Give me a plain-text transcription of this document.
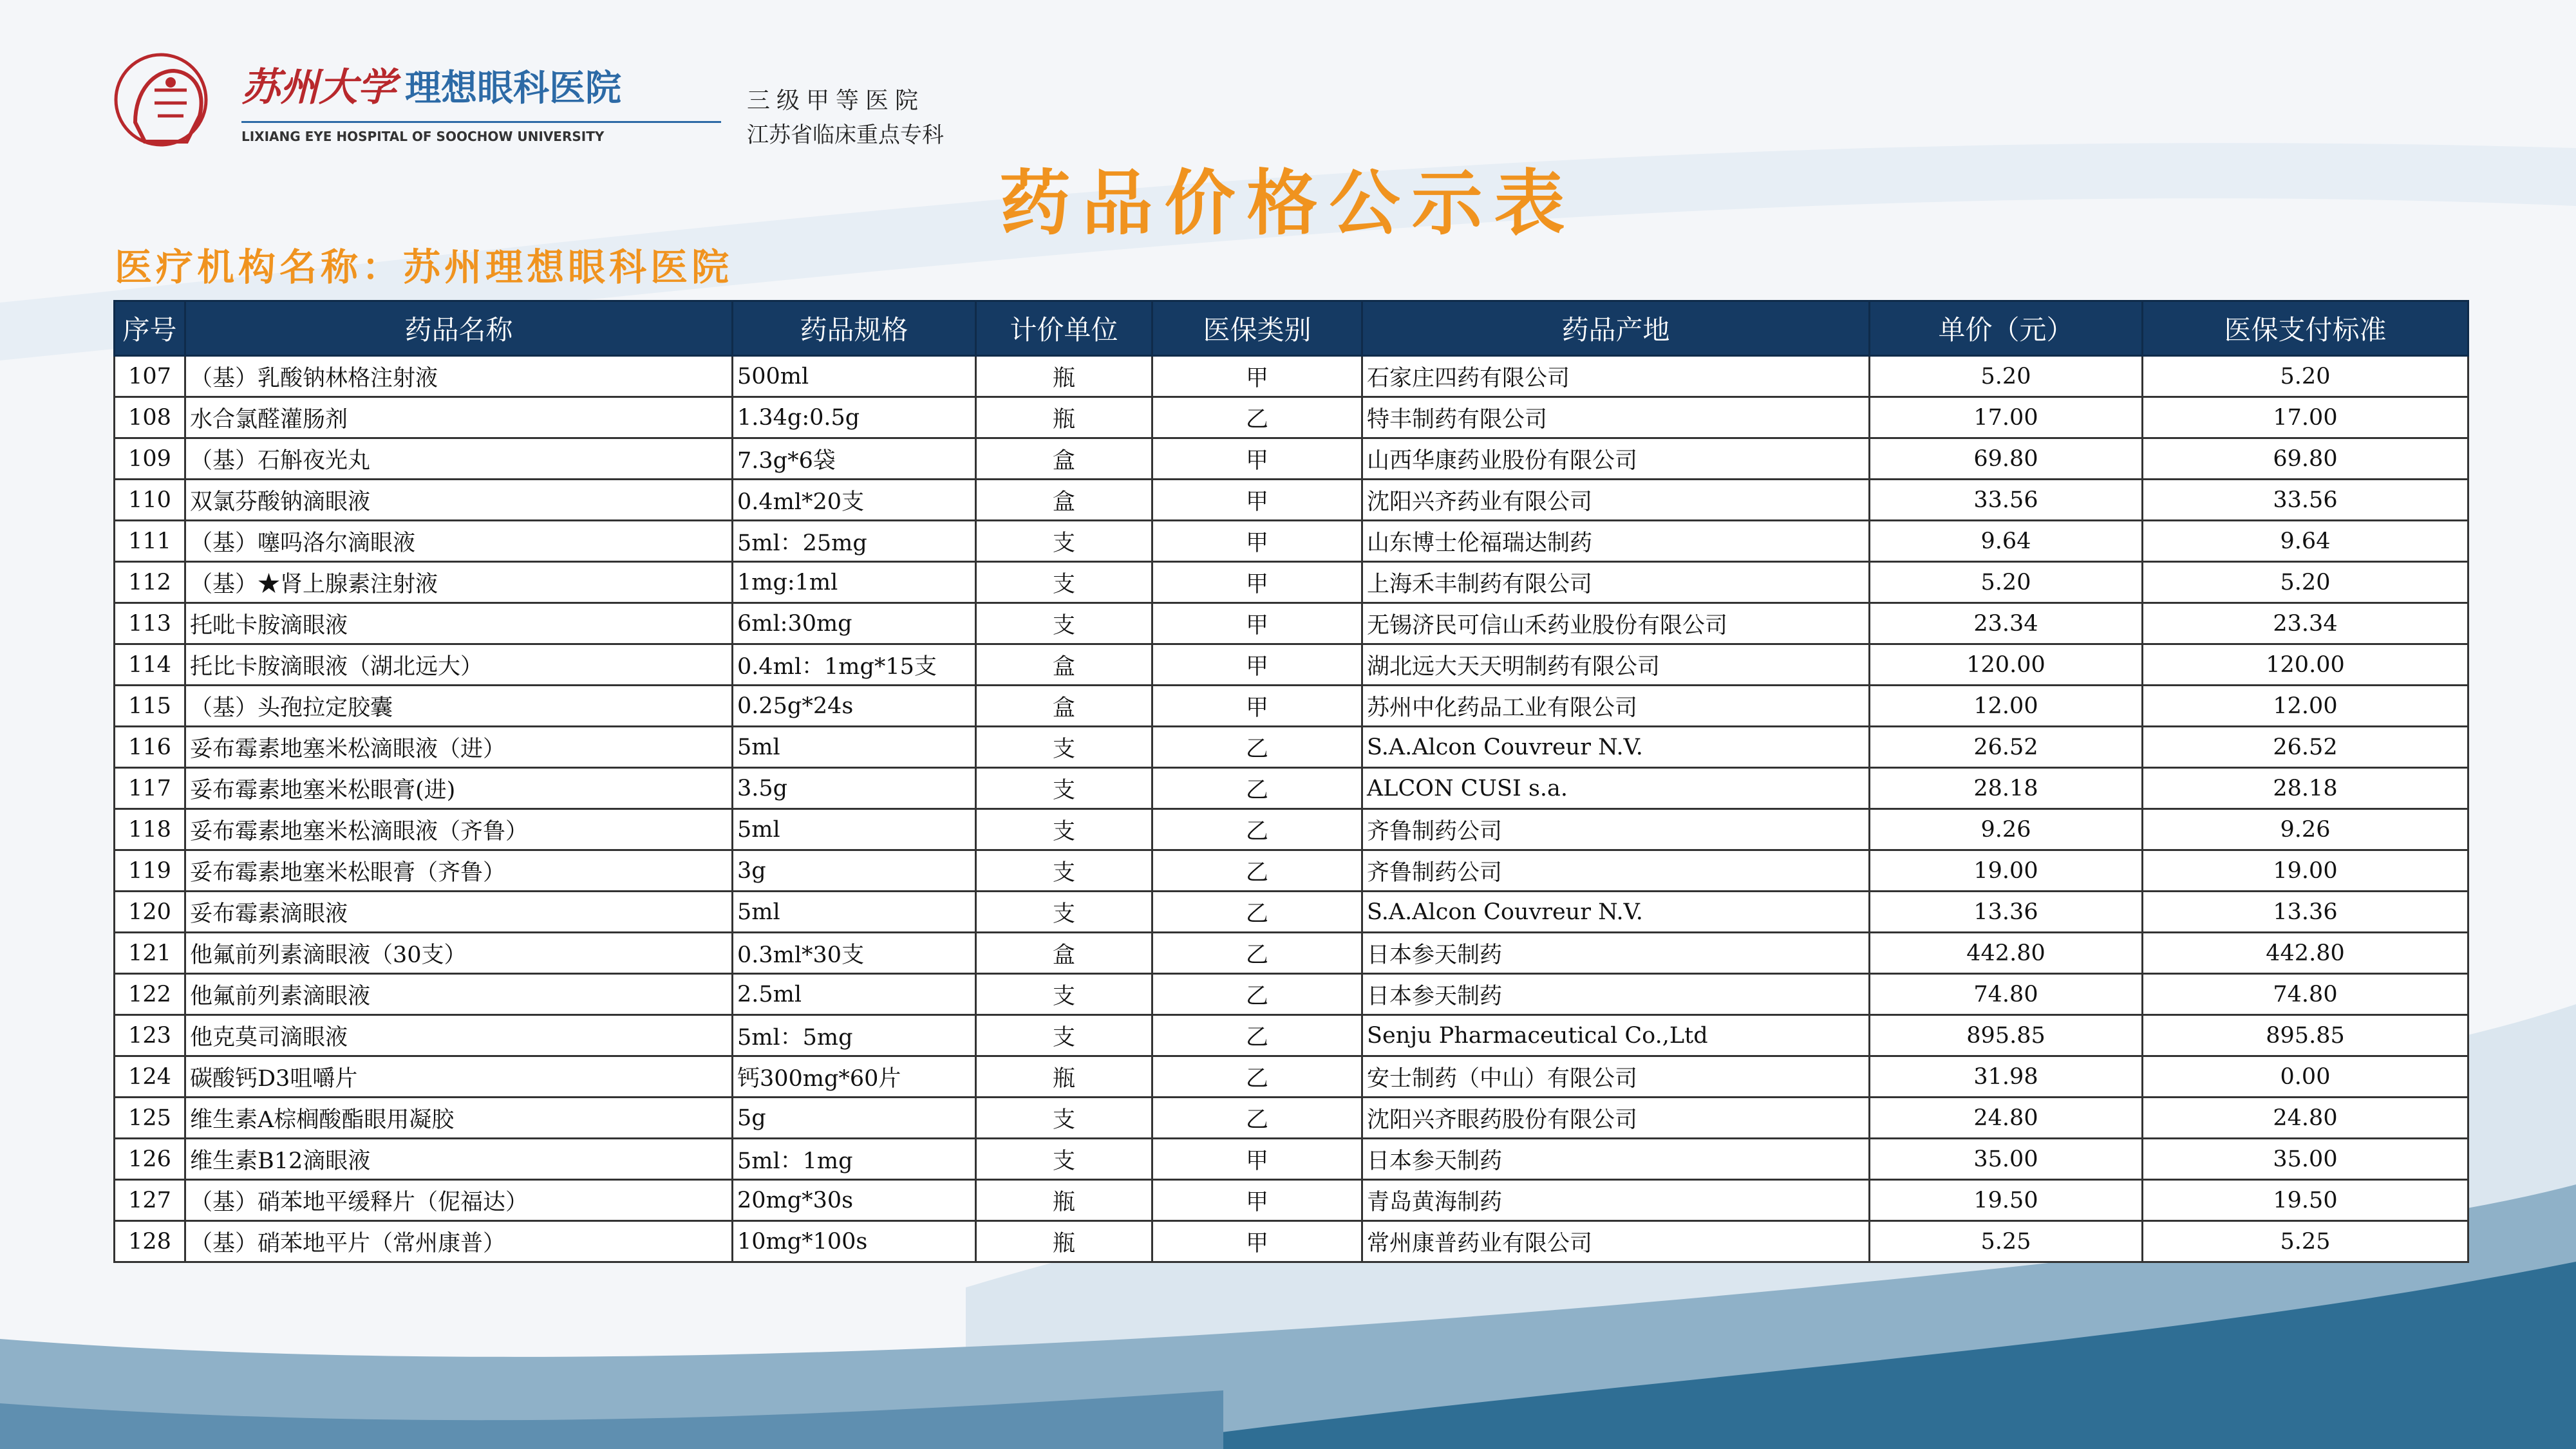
苏州大学 理想眼科医院
LIXIANG EYE HOSPITAL OF SOOCHOW UNIVERSITY
三级甲等医院
江苏省临床重点专科
药品价格公示表
医疗机构名称：苏州理想眼科医院
序号	药品名称	药品规格	计价单位	医保类别	药品产地	单价（元）	医保支付标准
107	（基）乳酸钠林格注射液	500ml	瓶	甲	石家庄四药有限公司	5.20	5.20
108	水合氯醛灌肠剂	1.34g:0.5g	瓶	乙	特丰制药有限公司	17.00	17.00
109	（基）石斛夜光丸	7.3g*6袋	盒	甲	山西华康药业股份有限公司	69.80	69.80
110	双氯芬酸钠滴眼液	0.4ml*20支	盒	甲	沈阳兴齐药业有限公司	33.56	33.56
111	（基）噻吗洛尔滴眼液	5ml：25mg	支	甲	山东博士伦福瑞达制药	9.64	9.64
112	（基）★肾上腺素注射液	1mg:1ml	支	甲	上海禾丰制药有限公司	5.20	5.20
113	托吡卡胺滴眼液	6ml:30mg	支	甲	无锡济民可信山禾药业股份有限公司	23.34	23.34
114	托比卡胺滴眼液（湖北远大）	0.4ml：1mg*15支	盒	甲	湖北远大天天明制药有限公司	120.00	120.00
115	（基）头孢拉定胶囊	0.25g*24s	盒	甲	苏州中化药品工业有限公司	12.00	12.00
116	妥布霉素地塞米松滴眼液（进）	5ml	支	乙	S.A.Alcon Couvreur N.V.	26.52	26.52
117	妥布霉素地塞米松眼膏(进)	3.5g	支	乙	ALCON CUSI s.a.	28.18	28.18
118	妥布霉素地塞米松滴眼液（齐鲁）	5ml	支	乙	齐鲁制药公司	9.26	9.26
119	妥布霉素地塞米松眼膏（齐鲁）	3g	支	乙	齐鲁制药公司	19.00	19.00
120	妥布霉素滴眼液	5ml	支	乙	S.A.Alcon Couvreur N.V.	13.36	13.36
121	他氟前列素滴眼液（30支）	0.3ml*30支	盒	乙	日本参天制药	442.80	442.80
122	他氟前列素滴眼液	2.5ml	支	乙	日本参天制药	74.80	74.80
123	他克莫司滴眼液	5ml：5mg	支	乙	Senju Pharmaceutical Co.,Ltd	895.85	895.85
124	碳酸钙D3咀嚼片	钙300mg*60片	瓶	乙	安士制药（中山）有限公司	31.98	0.00
125	维生素A棕榈酸酯眼用凝胶	5g	支	乙	沈阳兴齐眼药股份有限公司	24.80	24.80
126	维生素B12滴眼液	5ml：1mg	支	甲	日本参天制药	35.00	35.00
127	（基）硝苯地平缓释片（伲福达）	20mg*30s	瓶	甲	青岛黄海制药	19.50	19.50
128	（基）硝苯地平片（常州康普）	10mg*100s	瓶	甲	常州康普药业有限公司	5.25	5.25
